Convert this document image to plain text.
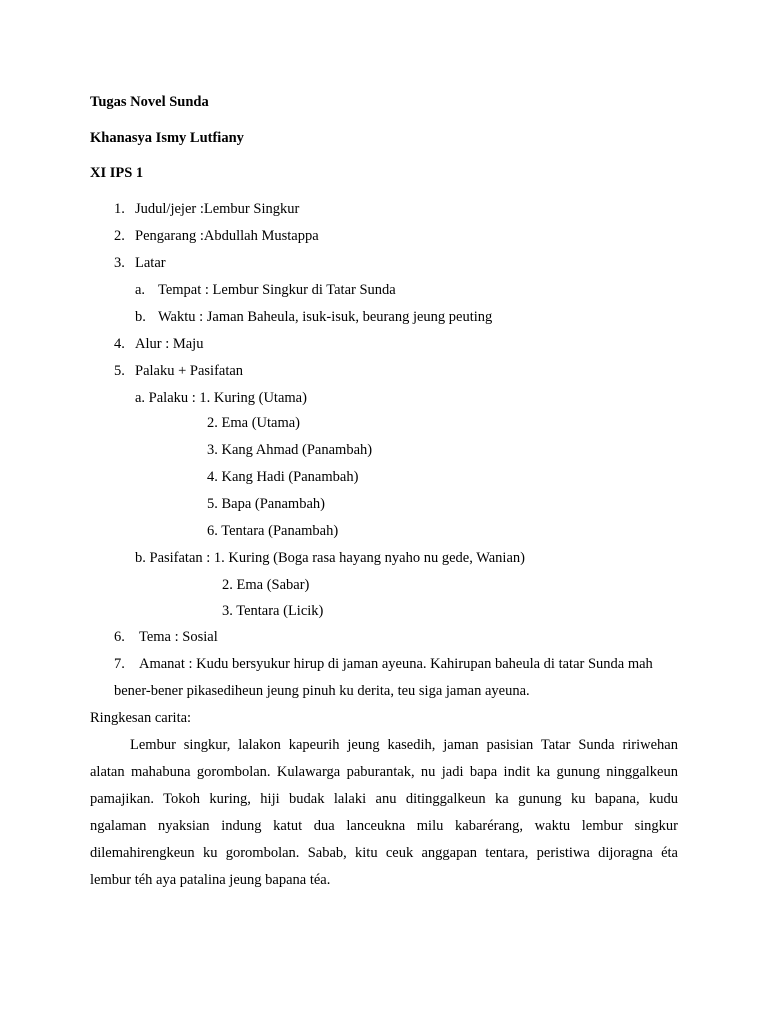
Tugas Novel Sunda
Khanasya Ismy Lutfiany
XI IPS 1
1. Judul/jejer :Lembur Singkur
2. Pengarang :Abdullah Mustappa
3. Latar
a. Tempat : Lembur Singkur di Tatar Sunda
b. Waktu : Jaman Baheula, isuk-isuk, beurang jeung peuting
4. Alur : Maju
5. Palaku + Pasifatan
a. Palaku : 1. Kuring (Utama)
2. Ema (Utama)
3. Kang Ahmad (Panambah)
4. Kang Hadi (Panambah)
5. Bapa (Panambah)
6. Tentara (Panambah)
b. Pasifatan : 1. Kuring (Boga rasa hayang nyaho nu gede, Wanian)
2. Ema (Sabar)
3. Tentara (Licik)
6. Tema : Sosial
7. Amanat : Kudu bersyukur hirup di jaman ayeuna. Kahirupan baheula di tatar Sunda mah
bener-bener pikasedihеun jeung pinuh ku derita, teu siga jaman ayeuna.
Ringkesan carita:
Lembur singkur, lalakon kapeurih jeung kasedih, jaman pasisian Tatar Sunda ririwehan
alatan mahabuna gorombolan. Kulawarga paburantak, nu jadi bapa indit ka gunung ninggalkeun
pamajikan. Tokoh kuring, hiji budak lalaki anu ditinggalkeun ka gunung ku bapana, kudu
ngalaman nyaksian indung katut dua lanceukna milu kabarérang, waktu lembur singkur
dilemahirengkeun ku gorombolan. Sabab, kitu ceuk anggapan tentara, peristiwa dijoragna éta
lembur téh aya patalina jeung bapana téa.
